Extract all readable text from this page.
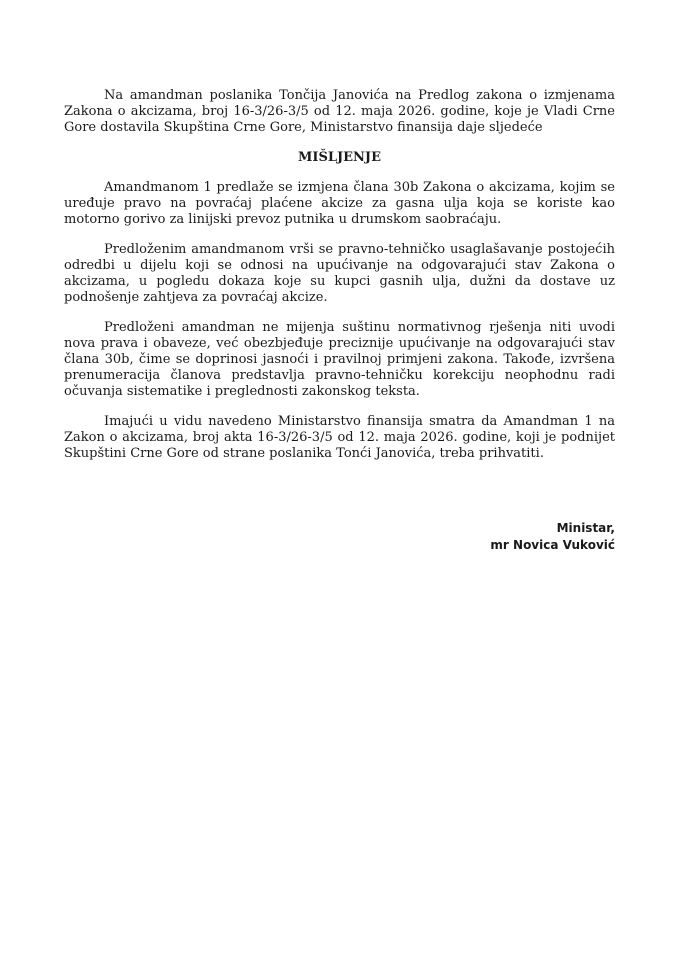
Na amandman poslanika Tončija Janovića na Predlog zakona o izmjenama Zakona o akcizama, broj 16-3/26-3/5 od 12. maja 2026. godine, koje je Vladi Crne Gore dostavila Skupština Crne Gore, Ministarstvo finansija daje sljedeće

MIŠLJENJE

Amandmanom 1 predlaže se izmjena člana 30b Zakona o akcizama, kojim se uređuje pravo na povraćaj plaćene akcize za gasna ulja koja se koriste kao motorno gorivo za linijski prevoz putnika u drumskom saobraćaju.

Predloženim amandmanom vrši se pravno-tehničko usaglašavanje postojećih odredbi u dijelu koji se odnosi na upućivanje na odgovarajući stav Zakona o akcizama, u pogledu dokaza koje su kupci gasnih ulja, dužni da dostave uz podnošenje zahtjeva za povraćaj akcize.

Predloženi amandman ne mijenja suštinu normativnog rješenja niti uvodi nova prava i obaveze, već obezbjeđuje preciznije upućivanje na odgovarajući stav člana 30b, čime se doprinosi jasnoći i pravilnoj primjeni zakona. Takođe, izvršena prenumeracija članova predstavlja pravno-tehničku korekciju neophodnu radi očuvanja sistematike i preglednosti zakonskog teksta.

Imajući u vidu navedeno Ministarstvo finansija smatra da Amandman 1 na Zakon o akcizama, broj akta 16-3/26-3/5 od 12. maja 2026. godine, koji je podnijet Skupštini Crne Gore od strane poslanika Tonći Janovića, treba prihvatiti.

Ministar,
mr Novica Vuković
